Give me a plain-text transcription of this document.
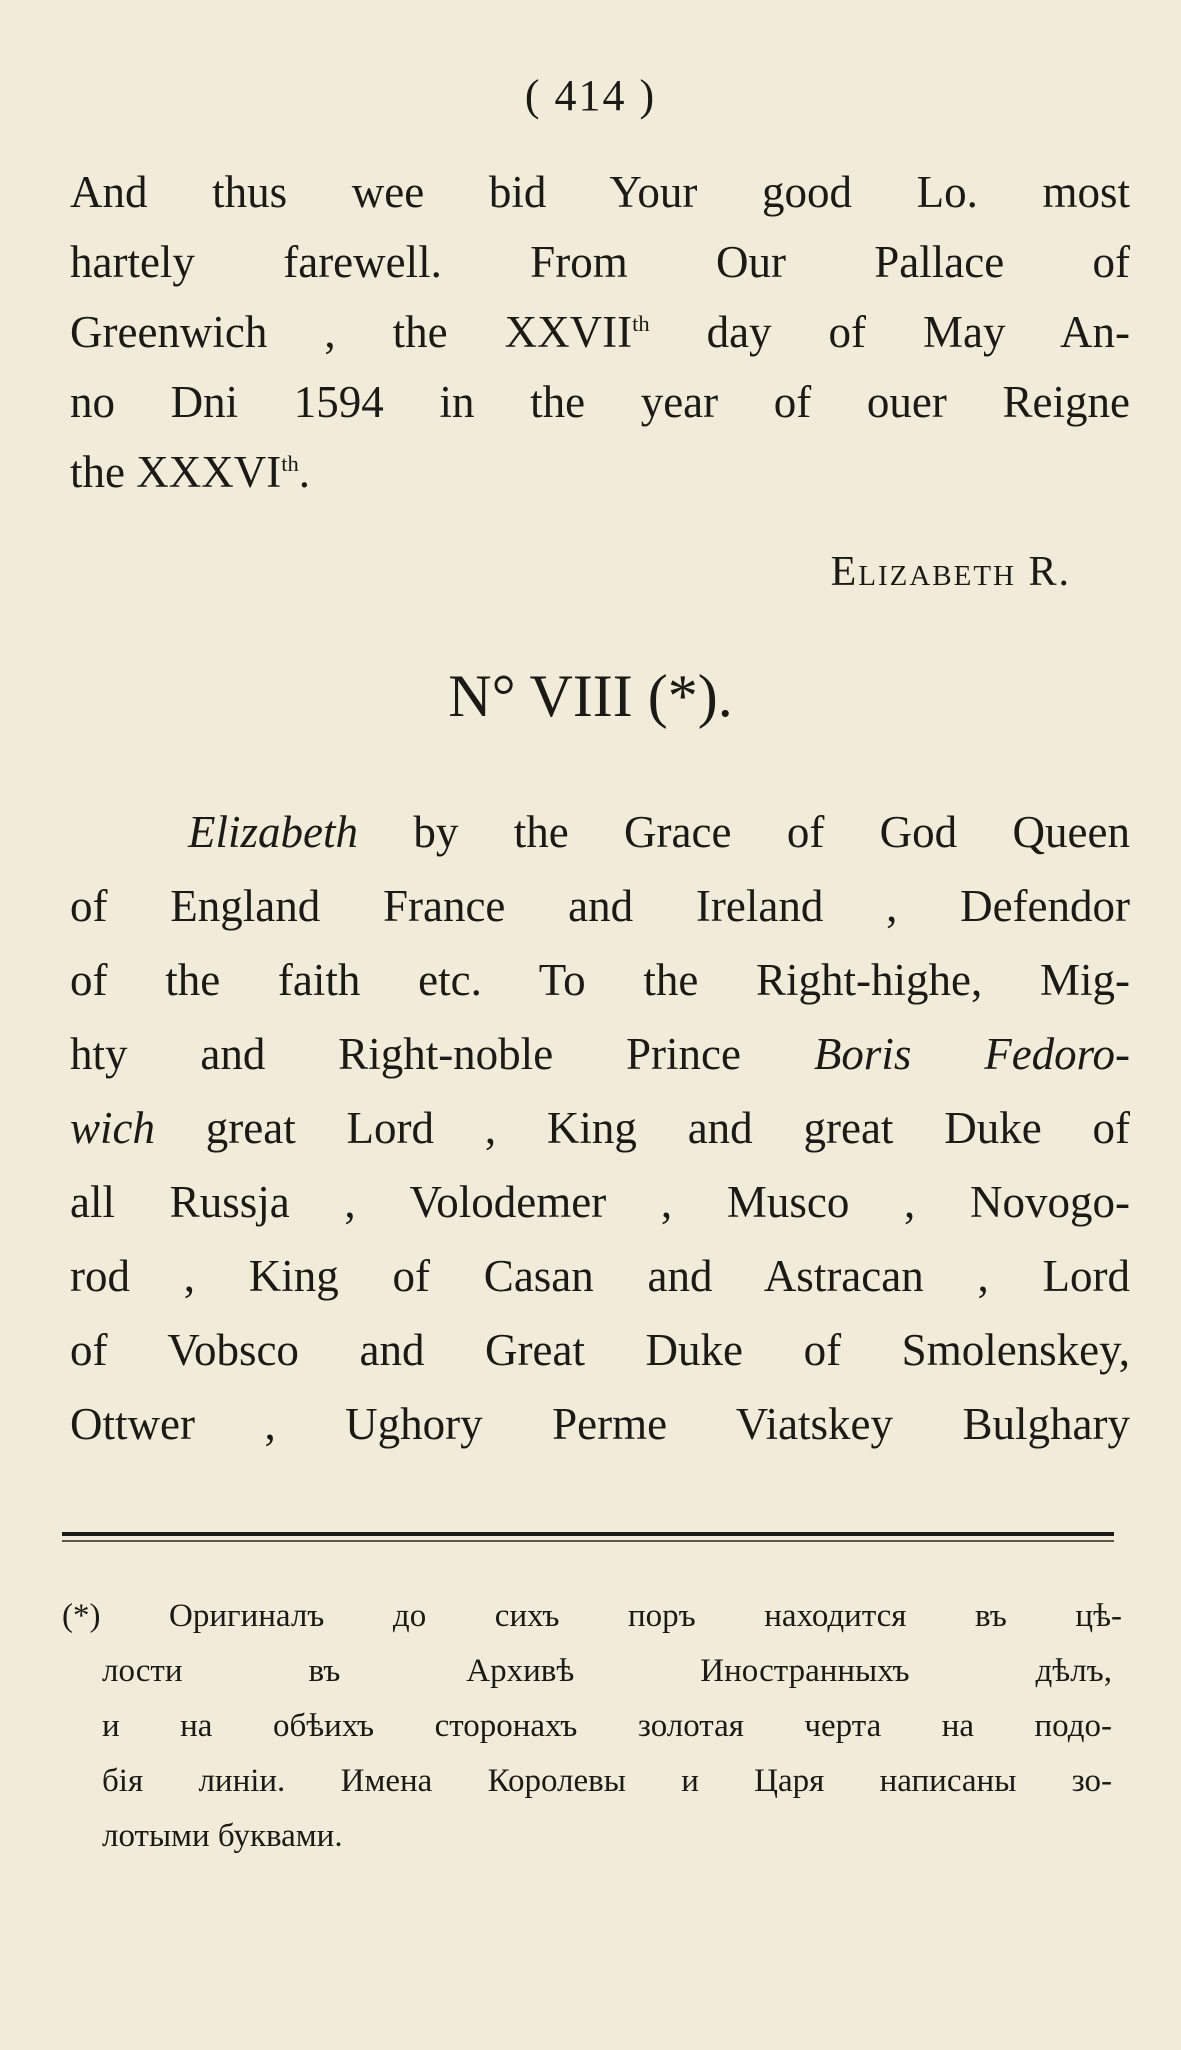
( 414 )
And thus wee bid Your good Lo. most
hartely farewell. From Our Pallace of
Greenwich , the XXVIIth day of May An-
no Dni 1594 in the year of ouer Reigne
the XXXVIth.
Elizabeth R.
N° VIII (*).
Elizabeth by the Grace of God Queen
of England France and Ireland , Defendor
of the faith etc. To the Right-highe, Mig-
hty and Right-noble Prince Boris Fedoro-
wich great Lord , King and great Duke of
all Russja , Volodemer , Musco , Novogo-
rod , King of Casan and Astracan , Lord
of Vobsco and Great Duke of Smolenskey,
Ottwer , Ughory Perme Viatskey Bulghary
(*) Оригиналъ до сихъ поръ находится въ цѣ-
лости въ Архивѣ Иностранныхъ дѣлъ,
и на обѣихъ сторонахъ золотая черта на подо-
бія линіи. Имена Королевы и Царя написаны зо-
лотыми буквами.
